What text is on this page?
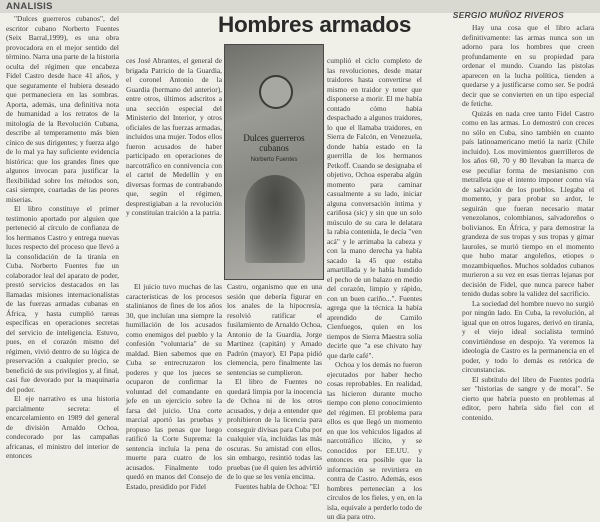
ANALISIS
SERGIO MUÑOZ RIVEROS
Hombres armados

"Dulces guerreros cubanos", del escritor cubano Norberto Fuentes (Seix Barral,1999), es una obra provocadora en el mejor sentido del término. Narra una parte de la historia oculta del régimen que encabeza Fidel Castro desde hace 41 años, y que seguramente el hubiera deseado que permaneciera en las sombras. Aporta, además, una definitiva nota de humanidad a los retratos de la mitología de la Revolución Cubana, describe al temperamento más bien cínico de sus dirigentes; y fuerza algo de lo mal ya hay suficiente evidencia histórica: que los grandes fines que algunos invocan para justificar la flexibilidad sobre los métodos son, casi siempre, coartadas de las peores miserias.

El libro constituye el primer testimonio aportado por alguien que perteneció al círculo de confianza de los hermanos Castro y entrega nuevas luces respecto del proceso que llevó a la consolidación de la tiranía en Cuba. Norberto Fuentes fue un colaborador leal del aparato de poder, prestó servicios destacados en las llamadas misiones internacionalistas de las fuerzas armadas cubanas en África, y hasta cumplió tareas específicas en operaciones secretas del servicio de inteligencia. Estuvo, pues, en el corazón mismo del régimen, vivió dentro de su lógica de preservación a cualquier precio, se benefició de sus privilegios y, al final, casi fue devorado por la maquinaria del poder.

El eje narrativo es una historia parcialmente secreta: el encarcelamiento en 1989 del general de división Arnaldo Ochoa, condecorado por las campañas africanas, el ministro del interior de entonces

ces José Abrantes, el general de brigada Patricio de la Guardia, el coronel Antonio de la Guardia (hermano del anterior), entre otros, últimos adscritos a una sección especial del Ministerio del Interior, y otros oficiales de las fuerzas armadas, incluidos una mujer. Todos ellos fueron acusados de haber participado en operaciones de narcotráfico en connivencia con el cartel de Medellín y en diversas formas de contrabando que, según el régimen, desprestigiaban a la revolución y constituían traición a la patria.

Dulces guerreros cubanos
Norberto Fuentes

El juicio tuvo muchas de las características de los procesos stalinianos de fines de los años 30, que incluían una siempre la humillación de los acusados como enemigos del pueblo y la confesión "voluntaria" de su maldad. Bien sabemos que en Cuba se entrecruzaron los poderes y que los jueces se ocuparon de confirmar la voluntad del comandante en jefe en un ejercicio sobre la farsa del juicio. Una corte marcial aportó las pruebas y propuso las penas que luego ratificó la Corte Suprema: la sentencia incluía la pena de muerte para cuatro de los acusados. Finalmente todo quedó en manos del Consejo de Estado, presidido por Fidel

Castro, organismo que en una sesión que debería figurar en los anales de la hipocresía, resolvió ratificar el fusilamiento de Arnaldo Ochoa, Antonio de la Guardia, Jorge Martínez (capitán) y Amado Padrón (mayor). El Papa pidió clemencia, pero finalmente las sentencias se cumplieron.

El libro de Fuentes no quedará limpia por la inocencia de Ochoa ni de los otros acusados, y deja a entender que prohibieron de la licencia para conseguir divisas para Cuba por cualquier vía, incluidas las más oscuras. Su amistad con ellos, sin embargo, resintió todas las pruebas (ue él quien les advirtió de lo que se les venía encima.

Fuentes habla de Ochoa: "El

cumplió el ciclo completo de las revoluciones, desde matar traidores hasta convertirse el mismo en traidor y tener que disponerse a morir. El me había contado cómo había despachado a algunos traidores, lo que el llamaba traidores, en Sierra de Falcón, en Venezuela, donde había estado en la guerrilla de los hermanos Petkoff. Cuando se designaba el objetivo, Ochoa esperaba algún momento para caminar casualmente a su lado, iniciar alguna conversación íntima y cariñosa (sic) y sin que un solo músculo de su cara le delatara la rabia contenida, le decía "ven acá" y le arrimaba la cabeza y con la mano derecha ya había sacado la 45 que estaba amartillada y le había hundido el pecho de un balazo en medio del corazón, limpio y rápido, con un buen cariño...". Fuentes agrega que la técnica la había aprendido de Camilo Cienfuegos, quien en los tiempos de Sierra Maestra solía decirle que "a ese chivato hay que darle café".

Ochoa y los demás no fueron ejecutados por haber hecho cosas reprobables. En realidad, las hicieron durante mucho tiempo con pleno conocimiento del régimen. El problema para ellos es que llegó un momento en que los vehículos ligados al narcotráfico ilícito, y se conocidos por EE.UU. y entonces era posible que la información se revirtiera en contra de Castro. Además, esos hombres pertenecían a los círculos de los fieles, y en, en la isla, equivale a perderlo todo de un día para otro.

Hay una cosa que el libro aclara definitivamente: las armas nunca son un adorno para los hombres que creen profundamente en su propiedad para ordenar el mundo. Cuando las pistolas aparecen en la lucha política, tienden a quedarse y a justificarse como ser. Se podrá decir que se convierten en un tipo especial de fetiche.

Quizás en nada cree tanto Fidel Castro como en las armas. Lo demostró con creces no sólo en Cuba, sino también en cuanto país latinoamericano metió la nariz (Chile incluido). Los movimientos guerrilleros de los años 60, 70 y 80 llevaban la marca de ese peculiar forma de mesianismo con metralleta que el intento imponer como vía de salvación de los pueblos. Llegaba el momento, y para probar su ardor, le seguirán que fueran necesario matar venezolanos, colombianos, salvadoreños o bolivianos. En África, y para demostrar la grandeza de sus tropas y sus tropas y gimar lauroles, se murió tiempo en el momento que hubo matar angoleños, etiopes o mozambiqueños. Muchos soldados cubanos murieron a su vez en esas tierras lejanas por decisión de Fidel, que nunca parece haber tenido dudas sobre la validez del sacrificio.

La sociedad del hombre nuevo no surgió por ningún lado. En Cuba, la revolución, al igual que en otros lugares, derivó en tiranía, y el viejo ideal socialista terminó convirtiéndose en despojo. Ya veremos la ideología de Castro es la permanencia en el poder, y todo lo demás es retórica de circunstancias.

El subtítulo del libro de Fuentes podría ser "historias de sangre y de moral". Se cierto que habría puesto en problemas al editor, pero habría sido fiel con el contenido.
